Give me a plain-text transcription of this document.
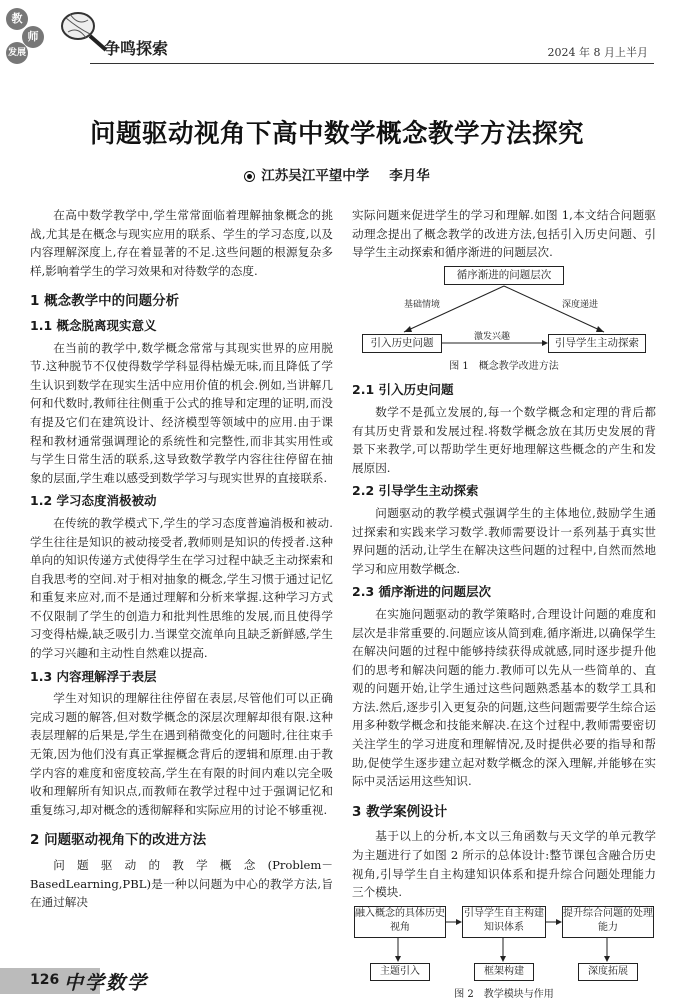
教
师
发展	争鸣探索	2024 年 8 月上半月
问题驱动视角下高中数学概念教学方法探究
江苏吴江平望中学 李月华

在高中数学教学中,学生常常面临着理解抽象概念的挑战,尤其是在概念与现实应用的联系、学生的学习态度,以及内容理解深度上,存在着显著的不足.这些问题的根源复杂多样,影响着学生的学习效果和对待数学的态度.

1 概念教学中的问题分析
1.1 概念脱离现实意义

在当前的教学中,数学概念常常与其现实世界的应用脱节.这种脱节不仅使得数学学科显得枯燥无味,而且降低了学生认识到数学在现实生活中应用价值的机会.例如,当讲解几何和代数时,教师往往侧重于公式的推导和定理的证明,而没有提及它们在建筑设计、经济模型等领域中的应用.由于课程和教材通常强调理论的系统性和完整性,而非其实用性或与学生日常生活的联系,这导致数学教学内容往往停留在抽象的层面,学生难以感受到数学学习与现实世界的直接联系.

1.2 学习态度消极被动

在传统的教学模式下,学生的学习态度普遍消极和被动.学生往往是知识的被动接受者,教师则是知识的传授者.这种单向的知识传递方式使得学生在学习过程中缺乏主动探索和自我思考的空间.对于相对抽象的概念,学生习惯于通过记忆和重复来应对,而不是通过理解和分析来掌握.这种学习方式不仅限制了学生的创造力和批判性思维的发展,而且使得学习变得枯燥,缺乏吸引力.当课堂交流单向且缺乏新鲜感,学生的学习兴趣和主动性自然难以提高.

1.3 内容理解浮于表层

学生对知识的理解往往停留在表层,尽管他们可以正确完成习题的解答,但对数学概念的深层次理解却很有限.这种表层理解的后果是,学生在遇到稍微变化的问题时,往往束手无策,因为他们没有真正掌握概念背后的逻辑和原理.由于教学内容的难度和密度较高,学生在有限的时间内难以完全吸收和理解所有知识点,而教师在教学过程中过于强调记忆和重复练习,却对概念的透彻解释和实际应用的讨论不够重视.

2 问题驱动视角下的改进方法

问题驱动的教学概念(Problem－BasedLearning,PBL)是一种以问题为中心的教学方法,旨在通过解决

实际问题来促进学生的学习和理解.如图 1,本文结合问题驱动理念提出了概念教学的改进方法,包括引入历史问题、引导学生主动探索和循序渐进的问题层次.

循序渐进的问题层次
引入历史问题	引导学生主动探索
基础情境	深度递进
激发兴趣
图 1　概念教学改进方法
2.1 引入历史问题

数学不是孤立发展的,每一个数学概念和定理的背后都有其历史背景和发展过程.将数学概念放在其历史发展的背景下来教学,可以帮助学生更好地理解这些概念的产生和发展原因.

2.2 引导学生主动探索

问题驱动的教学模式强调学生的主体地位,鼓励学生通过探索和实践来学习数学.教师需要设计一系列基于真实世界问题的活动,让学生在解决这些问题的过程中,自然而然地学习和应用数学概念.

2.3 循序渐进的问题层次

在实施问题驱动的教学策略时,合理设计问题的难度和层次是非常重要的.问题应该从简到难,循序渐进,以确保学生在解决问题的过程中能够持续获得成就感,同时逐步提升他们的思考和解决问题的能力.教师可以先从一些简单的、直观的问题开始,让学生通过这些问题熟悉基本的数学工具和方法.然后,逐步引入更复杂的问题,这些问题需要学生综合运用多种数学概念和技能来解决.在这个过程中,教师需要密切关注学生的学习进度和理解情况,及时提供必要的指导和帮助,促使学生逐步建立起对数学概念的深入理解,并能够在实际中灵活运用这些知识.

3 教学案例设计

基于以上的分析,本文以三角函数与天文学的单元教学为主题进行了如图 2 所示的总体设计:整节课包含融合历史视角,引导学生自主构建知识体系和提升综合问题处理能力三个模块.

融入概念的具体历史视角
引导学生自主构建知识体系
提升综合问题的处理能力
主题引入	框架构建	深度拓展
图 2　教学模块与作用
126 中学数学
